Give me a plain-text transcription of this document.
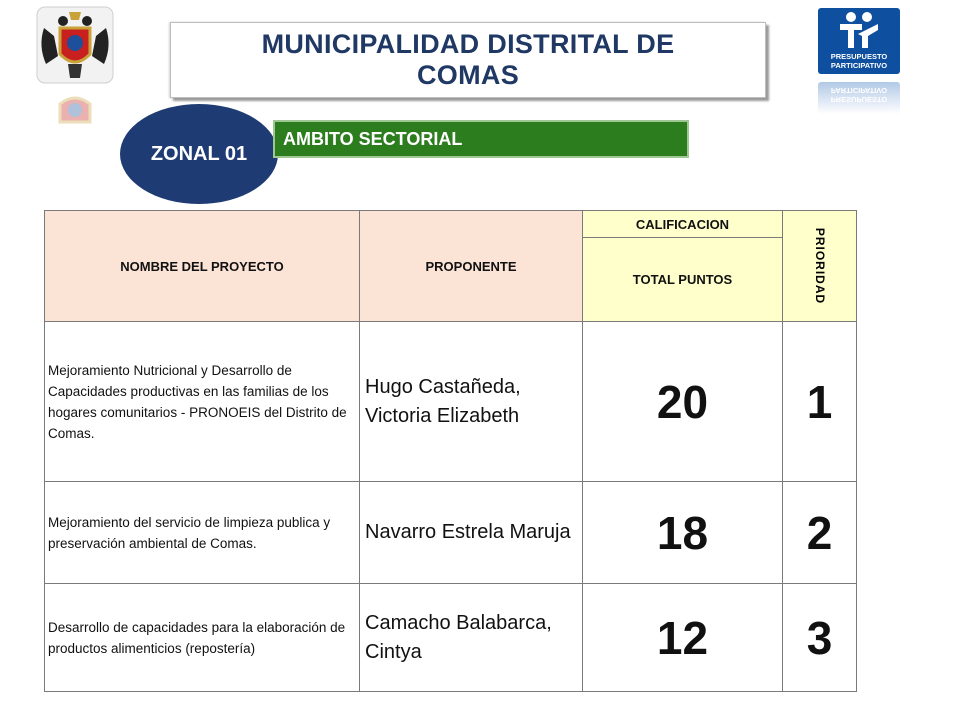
MUNICIPALIDAD DISTRITAL DE COMAS
PRESUPUESTO PARTICIPATIVO
PRESUPUESTO PARTICIPATIVO
ZONAL 01
AMBITO SECTORIAL
NOMBRE DEL PROYECTO	PROPONENTE	CALIFICACION	PRIORIDAD

		TOTAL PUNTOS	
Mejoramiento Nutricional y Desarrollo de Capacidades productivas en las familias de los hogares comunitarios - PRONOEIS del Distrito de Comas.	Hugo Castañeda, Victoria Elizabeth	20	1
Mejoramiento del servicio de limpieza publica y preservación ambiental de Comas.	Navarro Estrela Maruja	18	2
Desarrollo de capacidades para la elaboración de productos alimenticios (repostería)	Camacho Balabarca, Cintya	12	3
